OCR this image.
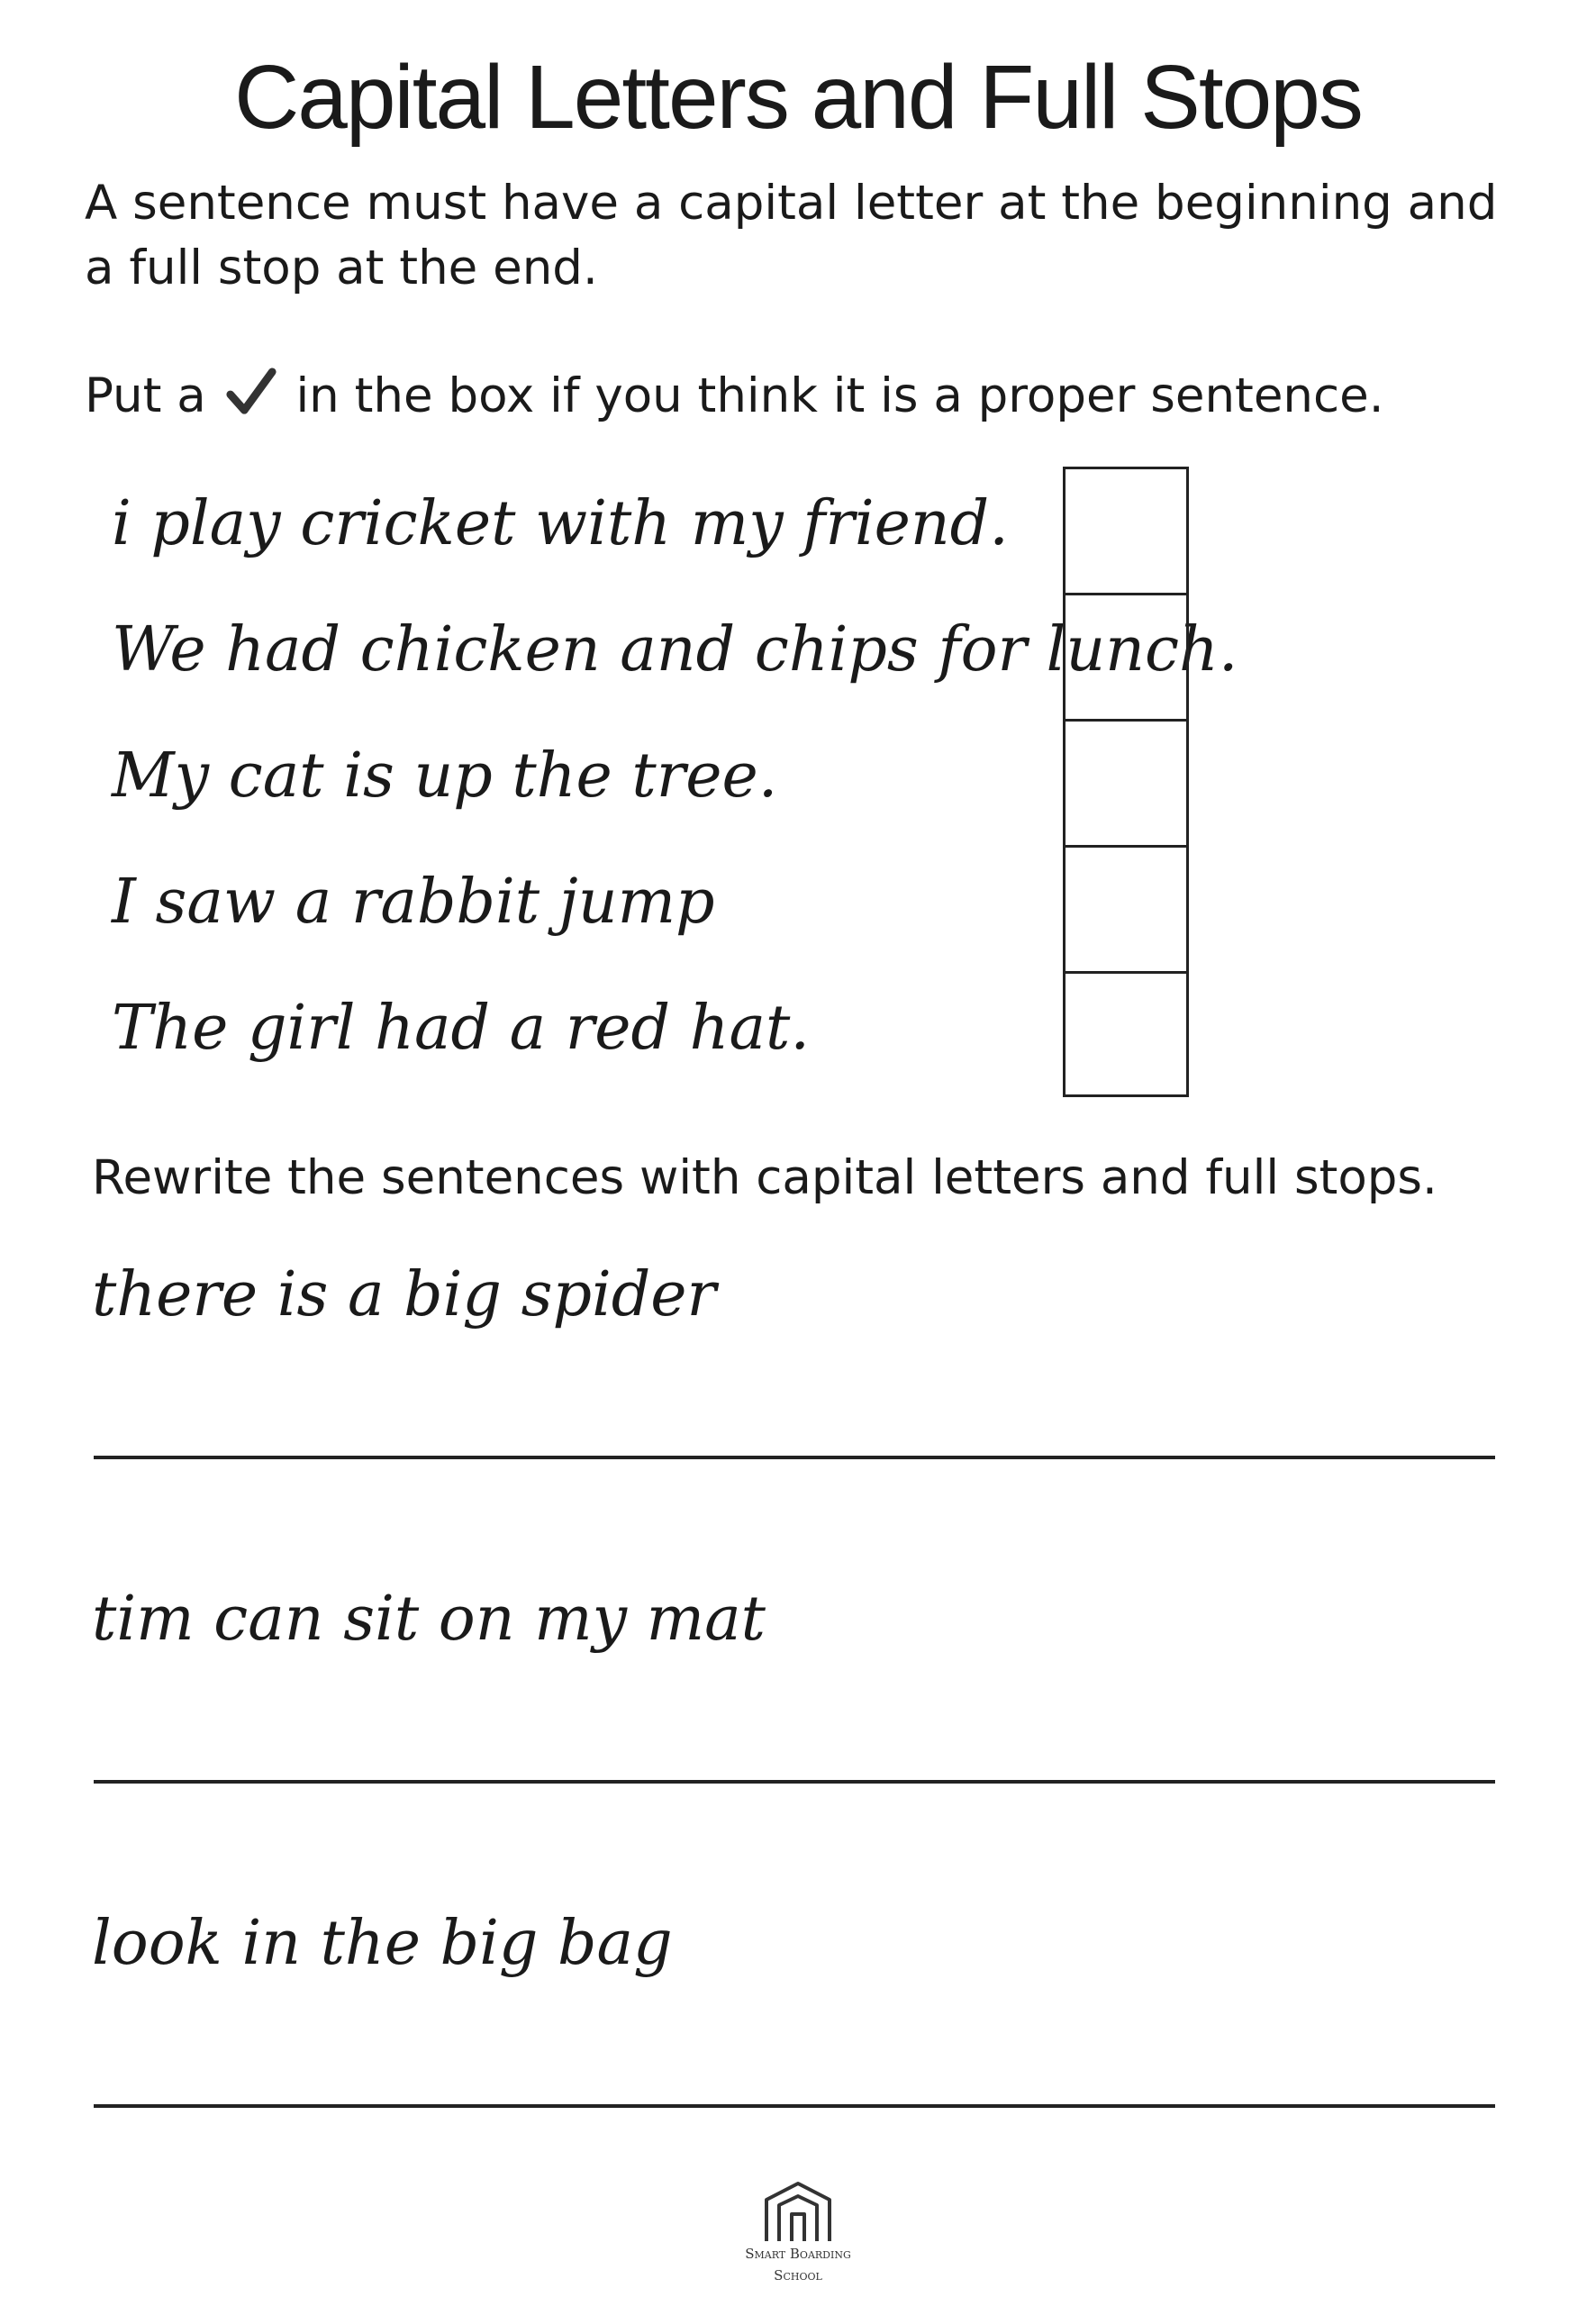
Capital Letters and Full Stops

A sentence must have a capital letter at the beginning and
a full stop at the end.

Put a in the box if you think it is a proper sentence.

i play cricket with my friend.
We had chicken and chips for lunch.
My cat is up the tree.
I saw a rabbit jump
The girl had a red hat.

Rewrite the sentences with capital letters and full stops.

there is a big spider
tim can sit on my mat
look in the big bag
Smart Boarding
School
